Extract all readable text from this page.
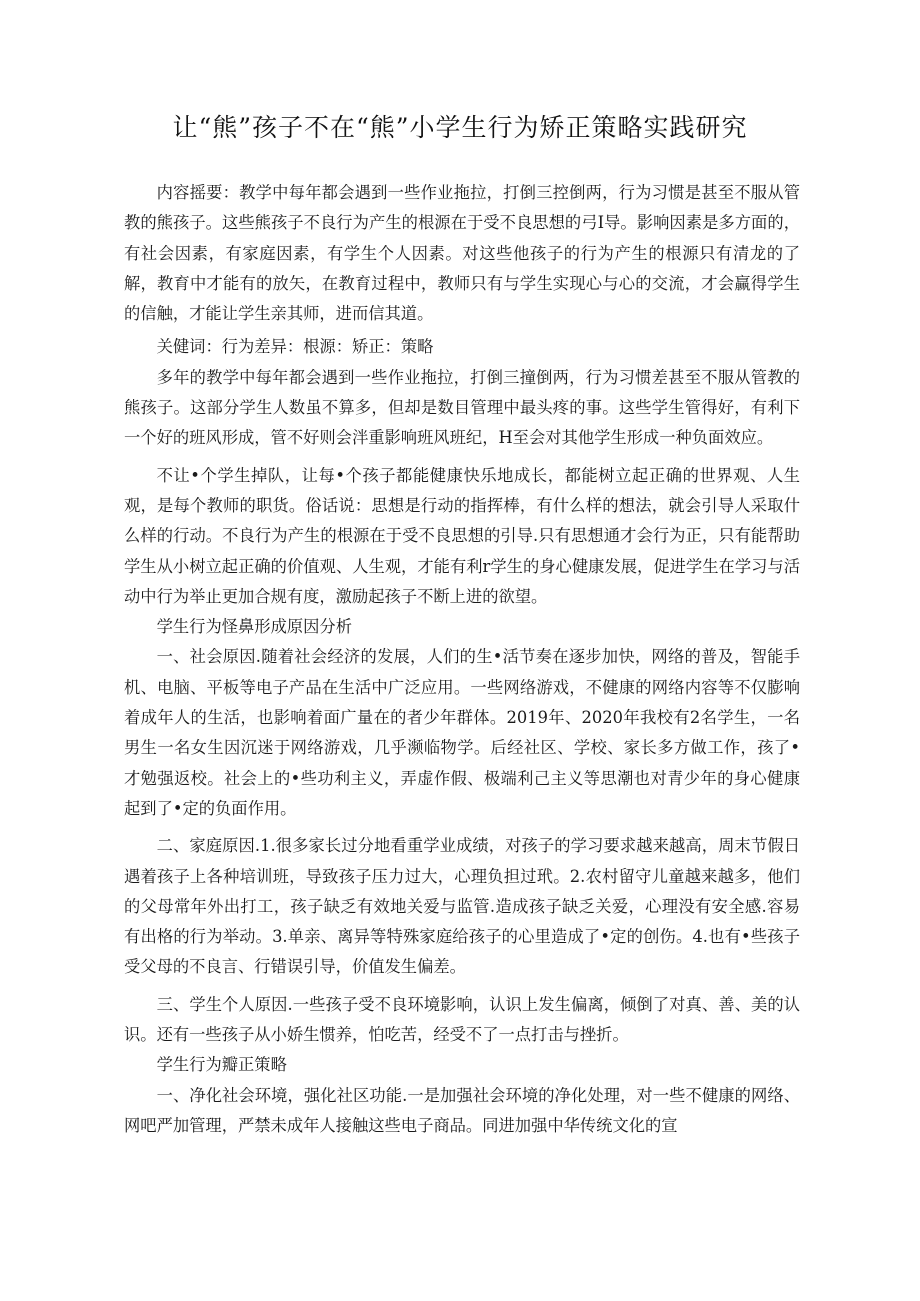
让“熊”孩子不在“熊”小学生行为矫正策略实践研究

内容摇要：教学中每年都会遇到一些作业拖拉，打倒三控倒两，行为习惯是甚至不服从管教的熊孩子。这些熊孩子不良行为产生的根源在于受不良思想的弓I导。影响因素是多方面的，有社会因素，有家庭因素，有学生个人因素。对这些他孩子的行为产生的根源只有清龙的了解，教育中才能有的放矢，在教育过程中，教师只有与学生实现心与心的交流，才会赢得学生的信触，才能让学生亲其师，进而信其道。

关健词：行为差异：根源：矫正：策略

多年的教学中每年都会遇到一些作业拖拉，打倒三撞倒两，行为习惯差甚至不服从管教的熊孩子。这部分学生人数虽不算多，但却是数目管理中最头疼的事。这些学生管得好，有利下一个好的班风形成，管不好则会泮重影响班风班纪，H至会对其他学生形成一种负面效应。

不让•个学生掉队，让每•个孩子都能健康快乐地成长，都能树立起正确的世界观、人生观，是每个教师的职货。俗话说：思想是行动的指挥棒，有什么样的想法，就会引导人采取什么样的行动。不良行为产生的根源在于受不良思想的引导.只有思想通才会行为正，只有能帮助学生从小树立起正确的价值观、人生观，才能有利r学生的身心健康发展，促进学生在学习与活动中行为举止更加合规有度，激励起孩子不断上进的欲望。

学生行为怪鼻形成原因分析

一、社会原因.随着社会经济的发展，人们的生•活节奏在逐步加快，网络的普及，智能手机、电脑、平板等电子产品在生活中广泛应用。一些网络游戏，不健康的网络内容等不仅膨响着成年人的生活，也影响着面广量在的者少年群体。2019年、2020年我校有2名学生，一名男生一名女生因沉迷于网络游戏，几乎濒临物学。后经社区、学校、家长多方做工作，孩了•才勉强返校。社会上的•些功利主义，弄虚作假、极端利己主义等思潮也对青少年的身心健康起到了•定的负面作用。

二、家庭原因.1.很多家长过分地看重学业成绩，对孩子的学习要求越来越高，周末节假日遇着孩子上各种培训班，导致孩子压力过大，心理负担过玳。2.农村留守儿童越来越多，他们的父母常年外出打工，孩子缺乏有效地关爱与监管.造成孩子缺乏关爱，心理没有安全感.容易有出格的行为举动。3.单亲、离异等特殊家庭给孩子的心里造成了•定的创伤。4.也有•些孩子受父母的不良言、行错误引导，价值发生偏差。

三、学生个人原因.一些孩子受不良环境影响，认识上发生偏离，倾倒了对真、善、美的认识。还有一些孩子从小娇生惯养，怕吃苦，经受不了一点打击与挫折。

学生行为瓣正策略

一、净化社会环境，强化社区功能.一是加强社会环境的净化处理，对一些不健康的网络、网吧严加管理，严禁未成年人接触这些电子商品。同进加强中华传统文化的宣
